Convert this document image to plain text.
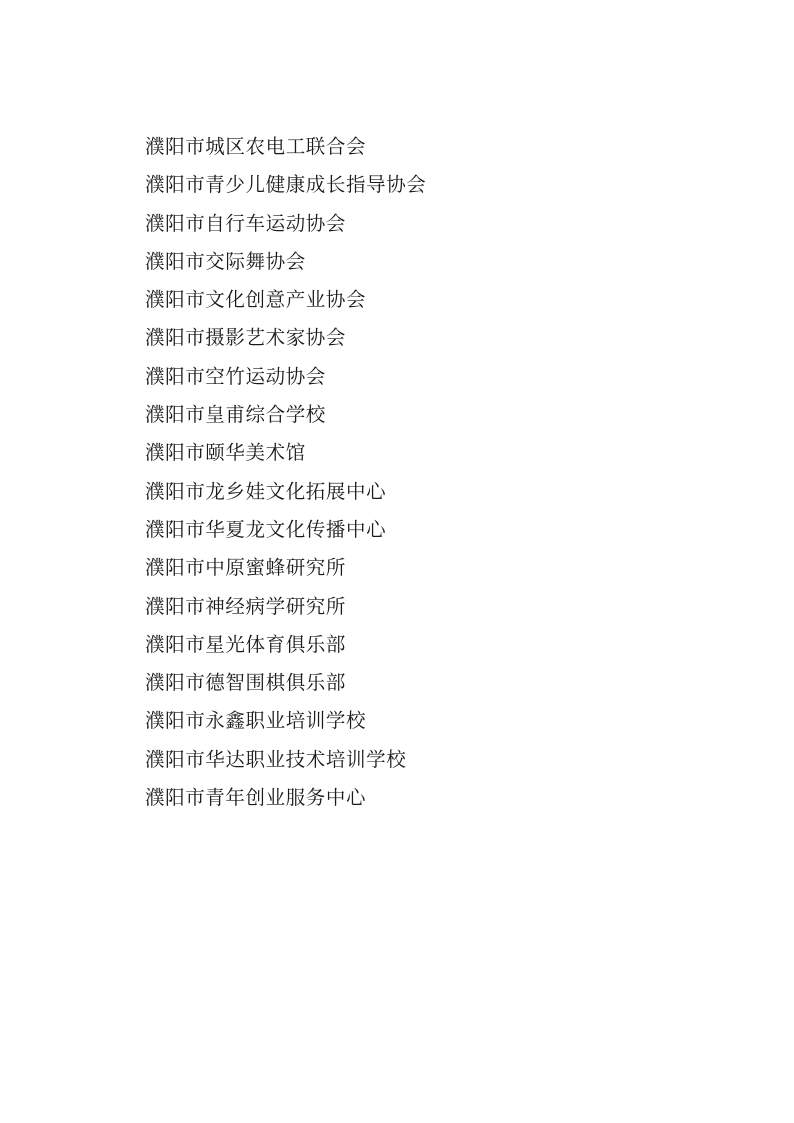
濮阳市城区农电工联合会
濮阳市青少儿健康成长指导协会
濮阳市自行车运动协会
濮阳市交际舞协会
濮阳市文化创意产业协会
濮阳市摄影艺术家协会
濮阳市空竹运动协会
濮阳市皇甫综合学校
濮阳市颐华美术馆
濮阳市龙乡娃文化拓展中心
濮阳市华夏龙文化传播中心
濮阳市中原蜜蜂研究所
濮阳市神经病学研究所
濮阳市星光体育俱乐部
濮阳市德智围棋俱乐部
濮阳市永鑫职业培训学校
濮阳市华达职业技术培训学校
濮阳市青年创业服务中心
